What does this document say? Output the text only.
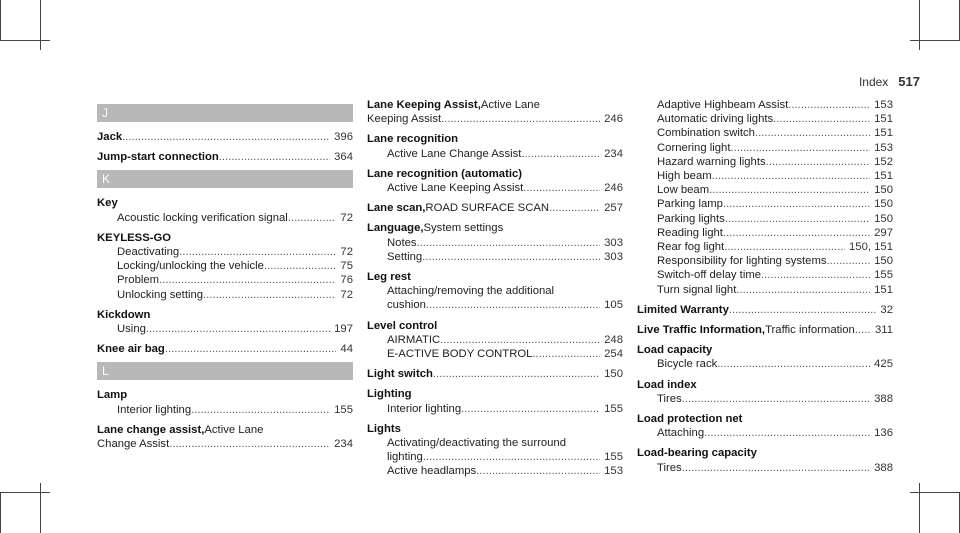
Index 517
J
Jack .....	396
Jump-start connection .....	364
K
Key
Acoustic locking verification signal .....	72
KEYLESS-GO
Deactivating .....	72
Locking/unlocking the vehicle .....	75
Problem .....	76
Unlocking setting .....	72
Kickdown
Using .....	197
Knee air bag .....	44
L
Lamp
Interior lighting .....	155
Lane change assist, Active Lane
Change Assist .....	234
Lane Keeping Assist, Active Lane
Keeping Assist .....	246
Lane recognition
Active Lane Change Assist .....	234
Lane recognition (automatic)
Active Lane Keeping Assist .....	246
Lane scan, ROAD SURFACE SCAN .....	257
Language, System settings
Notes .....	303
Setting .....	303
Leg rest
Attaching/removing the additional
cushion .....	105
Level control
AIRMATIC .....	248
E-ACTIVE BODY CONTROL .....	254
Light switch .....	150
Lighting
Interior lighting .....	155
Lights
Activating/deactivating the surround
lighting .....	155
Active headlamps .....	153
Adaptive Highbeam Assist .....	153
Automatic driving lights .....	151
Combination switch .....	151
Cornering light .....	153
Hazard warning lights .....	152
High beam .....	151
Low beam .....	150
Parking lamp .....	150
Parking lights .....	150
Reading light .....	297
Rear fog light .....	150, 151
Responsibility for lighting systems .....	150
Switch-off delay time .....	155
Turn signal light .....	151
Limited Warranty .....	32
Live Traffic Information, Traffic information .....	311
Load capacity
Bicycle rack .....	425
Load index
Tires .....	388
Load protection net
Attaching .....	136
Load-bearing capacity
Tires .....	388
